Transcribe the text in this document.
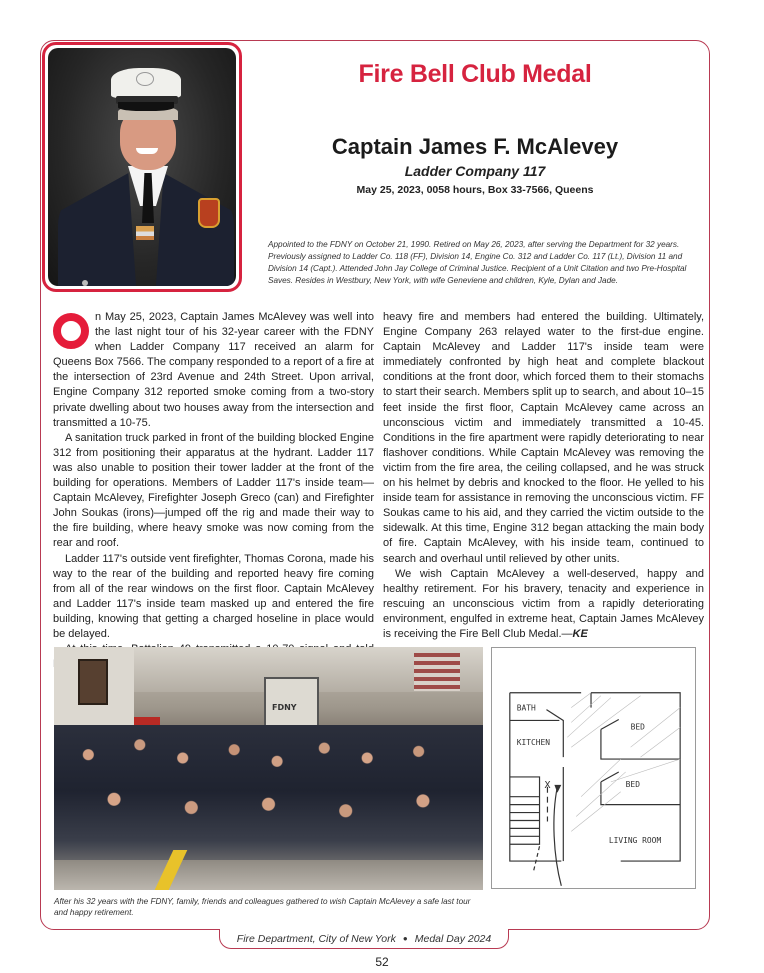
Fire Bell Club Medal
Captain James F. McAlevey
Ladder Company 117
May 25, 2023, 0058 hours, Box 33-7566, Queens
Appointed to the FDNY on October 21, 1990. Retired on May 26, 2023, after serving the Department for 32 years. Previously assigned to Ladder Co. 118 (FF), Division 14, Engine Co. 312 and Ladder Co. 117 (Lt.), Division 11 and Division 14 (Capt.). Attended John Jay College of Criminal Justice. Recipient of a Unit Citation and two Pre-Hospital Saves. Resides in Westbury, New York, with wife Geneviene and children, Kyle, Dylan and Jade.

n May 25, 2023, Captain James McAlevey was well into the last night tour of his 32-year career with the FDNY when Ladder Company 117 received an alarm for Queens Box 7566. The company responded to a report of a fire at the intersection of 23rd Avenue and 24th Street. Upon arrival, Engine Company 312 reported smoke coming from a two-story private dwelling about two houses away from the intersection and transmitted a 10-75.

A sanitation truck parked in front of the building blocked Engine 312 from positioning their apparatus at the hydrant. Ladder 117 was also unable to position their tower ladder at the front of the building for operations. Members of Ladder 117's inside team—Captain McAlevey, Firefighter Joseph Greco (can) and Firefighter John Soukas (irons)—jumped off the rig and made their way to the fire building, where heavy smoke was now coming from the rear and roof.

Ladder 117's outside vent firefighter, Thomas Corona, made his way to the rear of the building and reported heavy fire coming from all of the rear windows on the first floor. Captain McAlevey and Ladder 117's inside team masked up and entered the fire building, knowing that getting a charged hoseline in place would be delayed.

heavy fire and members had entered the building. Ultimately, Engine Company 263 relayed water to the first-due engine. Captain McAlevey and Ladder 117's inside team were immediately confronted by high heat and complete blackout conditions at the front door, which forced them to their stomachs to start their search. Members split up to search, and about 10–15 feet inside the first floor, Captain McAlevey came across an unconscious victim and immediately transmitted a 10-45. Conditions in the fire apartment were rapidly deteriorating to near flashover conditions. While Captain McAlevey was removing the victim from the fire area, the ceiling collapsed, and he was struck on his helmet by debris and knocked to the floor. He yelled to his inside team for assistance in removing the unconscious victim. FF Soukas came to his aid, and they carried the victim outside to the sidewalk. At this time, Engine 312 began attacking the main body of fire. Captain McAlevey, with his inside team, continued to search and overhaul until relieved by other units.

We wish Captain McAlevey a well-deserved, happy and healthy retirement. For his bravery, tenacity and experience in rescuing an unconscious victim from a rapidly deteriorating environment, engulfed in extreme heat, Captain James McAlevey is receiving the Fire Bell Club Medal.—KE

FDNY
After his 32 years with the FDNY, family, friends and colleagues gathered to wish Captain McAlevey a safe last tour and happy retirement.
BATH
KITCHEN
BED
BED
LIVING ROOM
X
Fire Department, City of New York ● Medal Day 2024
52
